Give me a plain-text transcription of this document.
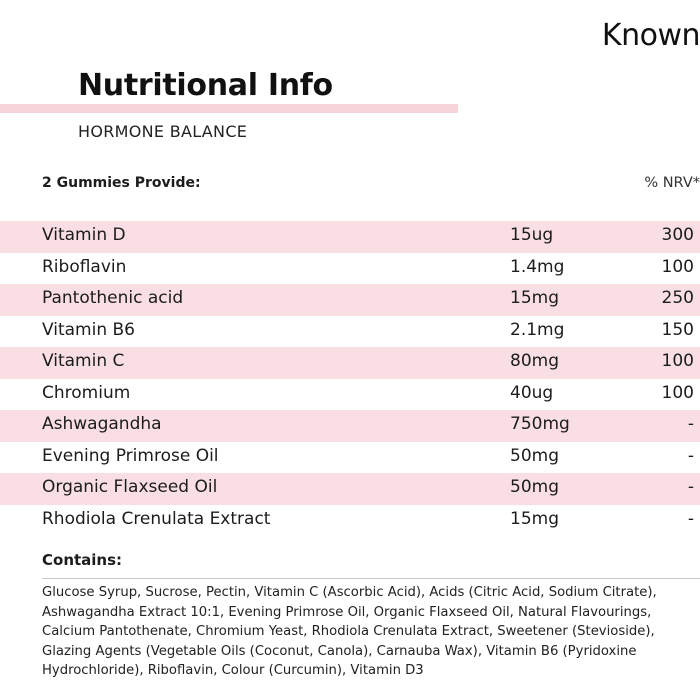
Known
Nutritional Info
HORMONE BALANCE
2 Gummies Provide:	% NRV*
Vitamin D	15ug	300
Riboflavin	1.4mg	100
Pantothenic acid	15mg	250
Vitamin B6	2.1mg	150
Vitamin C	80mg	100
Chromium	40ug	100
Ashwagandha	750mg	-
Evening Primrose Oil	50mg	-
Organic Flaxseed Oil	50mg	-
Rhodiola Crenulata Extract	15mg	-
Contains:
Glucose Syrup, Sucrose, Pectin, Vitamin C (Ascorbic Acid), Acids (Citric Acid, Sodium Citrate), Ashwagandha Extract 10:1, Evening Primrose Oil, Organic Flaxseed Oil, Natural Flavourings, Calcium Pantothenate, Chromium Yeast, Rhodiola Crenulata Extract, Sweetener (Stevioside), Glazing Agents (Vegetable Oils (Coconut, Canola), Carnauba Wax), Vitamin B6 (Pyridoxine Hydrochloride), Riboflavin, Colour (Curcumin), Vitamin D3
